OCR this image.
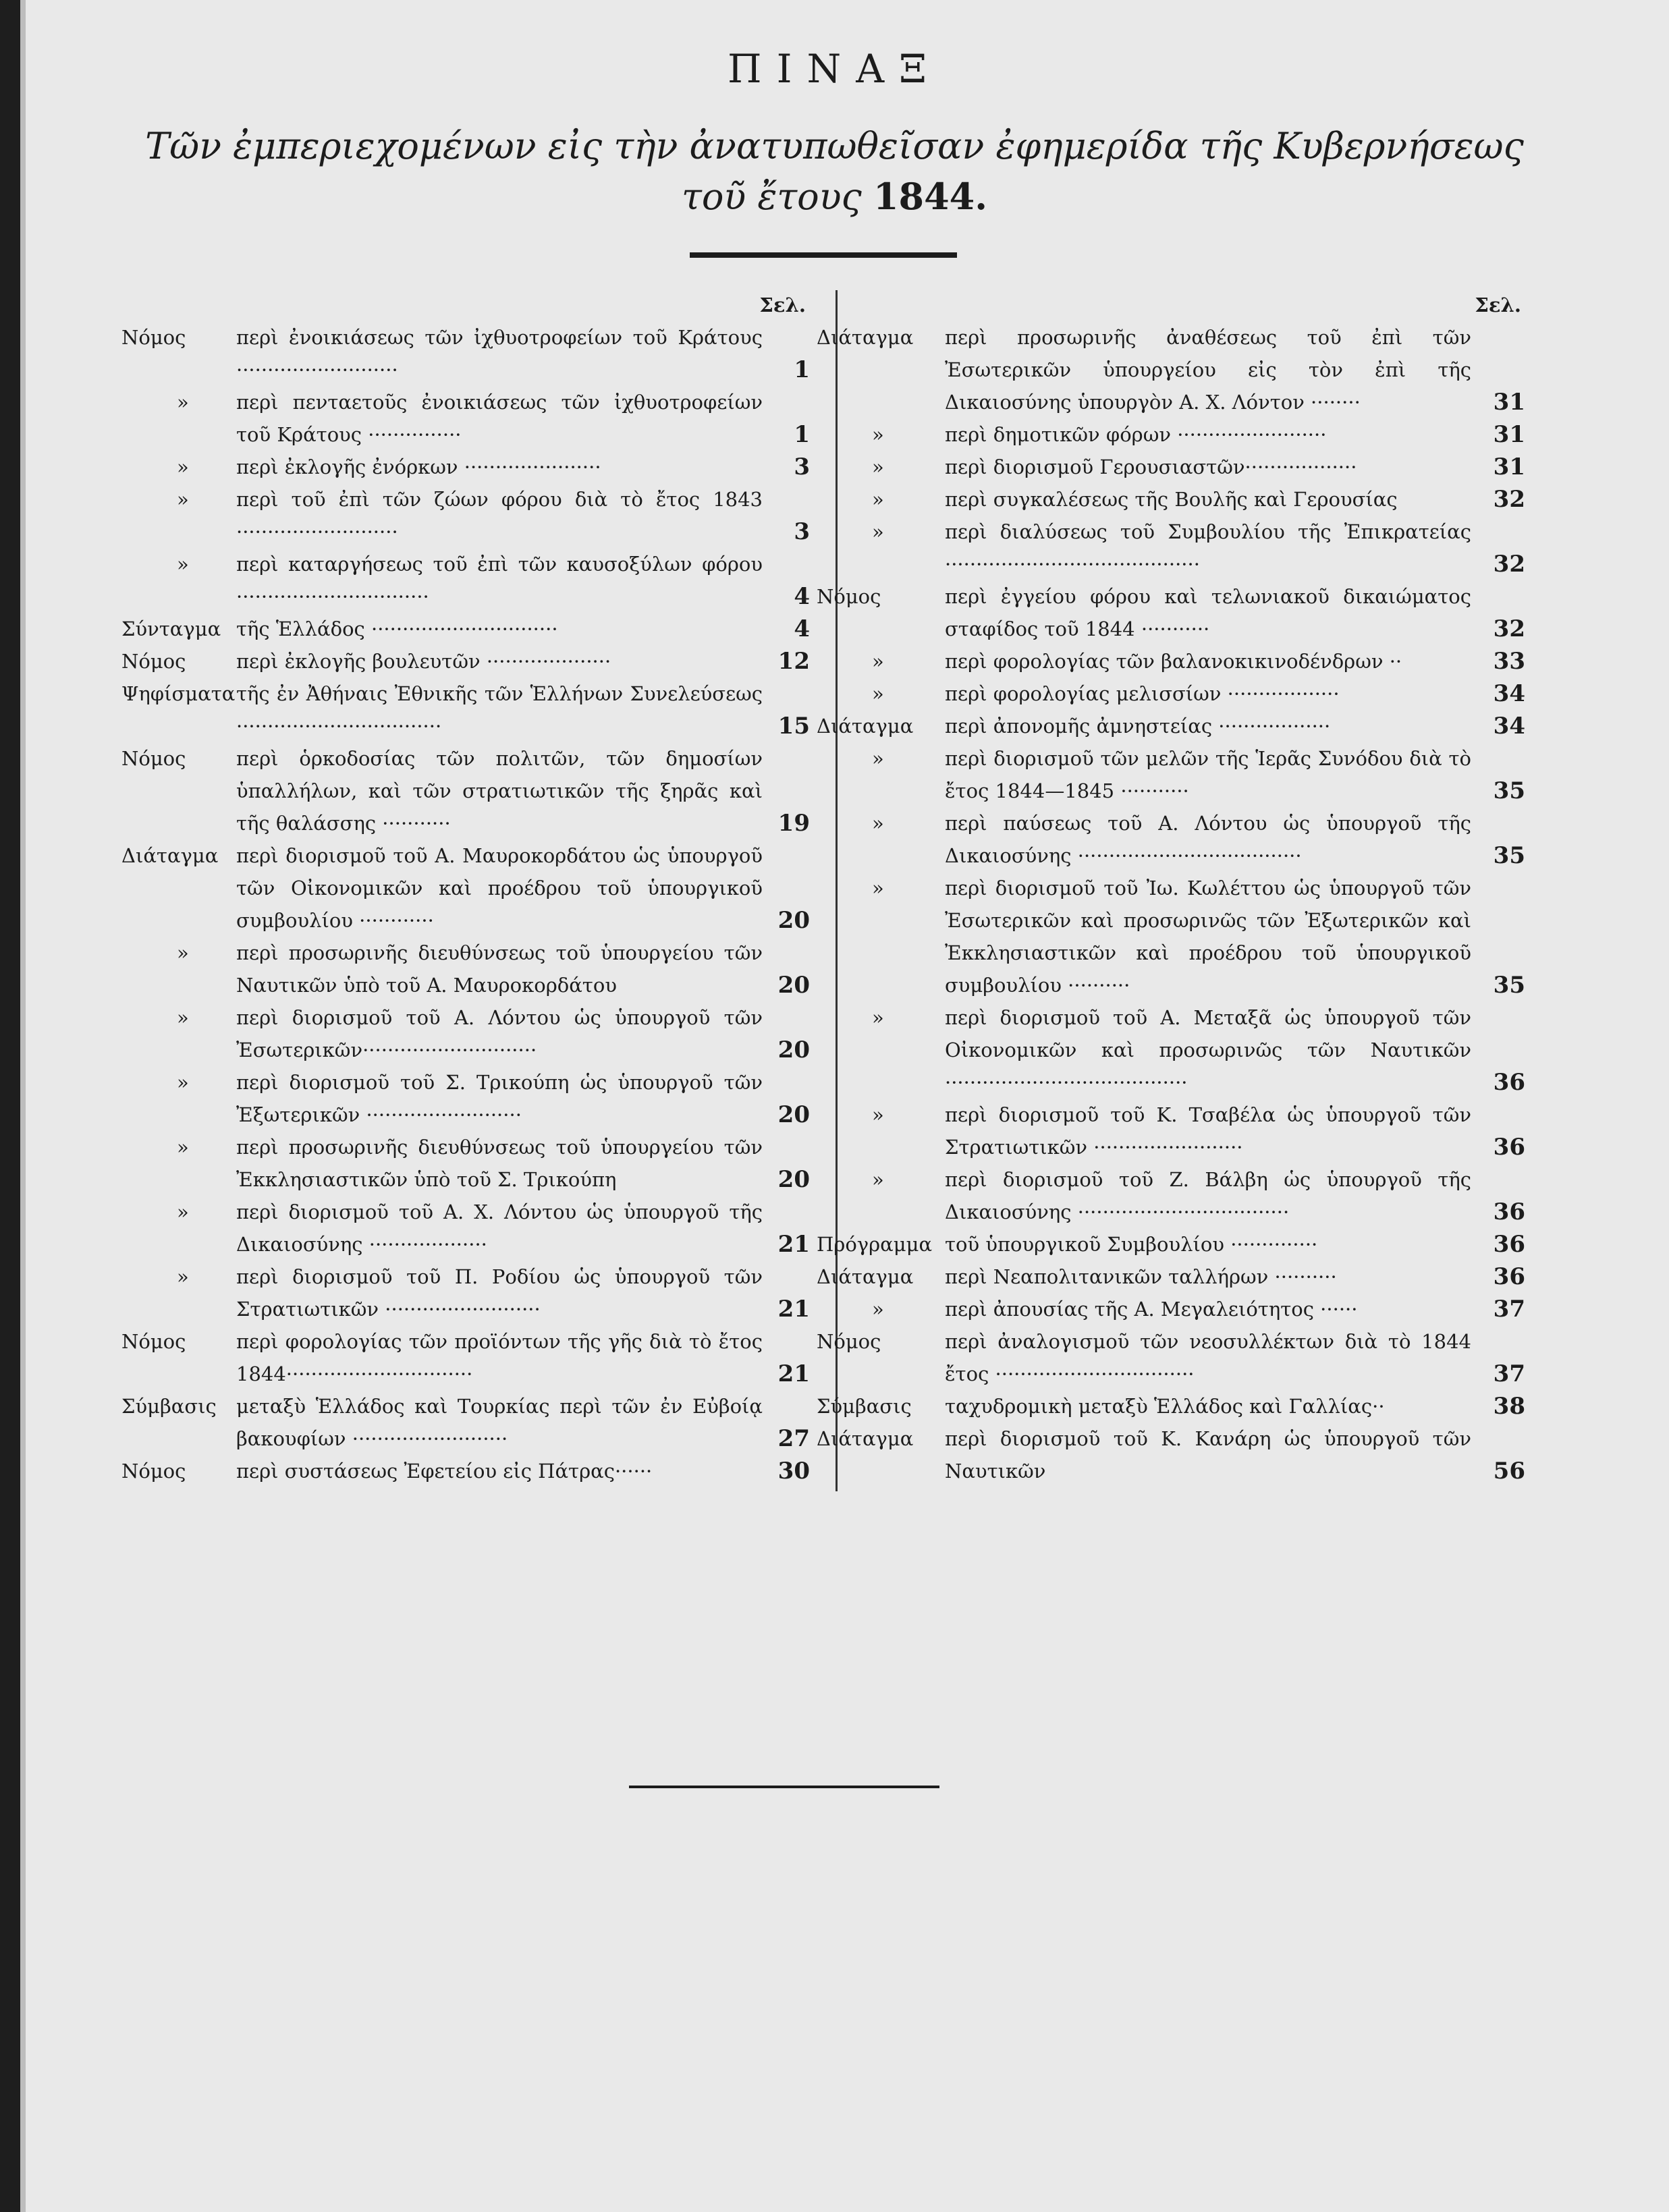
ΠΙΝΑΞ
Τῶν ἐμπεριεχομένων εἰς τὴν ἀνατυπωθεῖσαν ἐφημερίδα τῆς Κυβερνήσεως
τοῦ ἔτους 1844.
Σελ.
Νόμος	περὶ ἐνοικιάσεως τῶν ἰχθυοτροφείων τοῦ Κράτους ··························	1
»	περὶ πενταετοῦς ἐνοικιάσεως τῶν ἰχθυοτροφείων τοῦ Κράτους ···············	1
»	περὶ ἐκλογῆς ἐνόρκων ······················	3
»	περὶ τοῦ ἐπὶ τῶν ζώων φόρου διὰ τὸ ἔτος 1843 ··························	3
»	περὶ καταργήσεως τοῦ ἐπὶ τῶν καυσοξύλων φόρου ·······························	4
Σύνταγμα τῆς Ἑλλάδος ······························	4
Νόμος	περὶ ἐκλογῆς βουλευτῶν ····················	12
Ψηφίσματα τῆς ἐν Ἀθήναις Ἐθνικῆς τῶν Ἑλλήνων Συνελεύσεως ·································	15
Νόμος	περὶ ὁρκοδοσίας τῶν πολιτῶν, τῶν δημοσίων ὑπαλλήλων, καὶ τῶν στρατιωτικῶν τῆς ξηρᾶς καὶ τῆς θαλάσσης ···········	19
Διάταγμα περὶ διορισμοῦ τοῦ Α. Μαυροκορδάτου ὡς ὑπουργοῦ τῶν Οἰκονομικῶν καὶ προέδρου τοῦ ὑπουργικοῦ συμβουλίου ············	20
»	περὶ προσωρινῆς διευθύνσεως τοῦ ὑπουργείου τῶν Ναυτικῶν ὑπὸ τοῦ Α. Μαυροκορδάτου	20
»	περὶ διορισμοῦ τοῦ Α. Λόντου ὡς ὑπουργοῦ τῶν Ἐσωτερικῶν····························	20
»	περὶ διορισμοῦ τοῦ Σ. Τρικούπη ὡς ὑπουργοῦ τῶν Ἐξωτερικῶν ·························	20
»	περὶ προσωρινῆς διευθύνσεως τοῦ ὑπουργείου τῶν Ἐκκλησιαστικῶν ὑπὸ τοῦ Σ. Τρικούπη	20
»	περὶ διορισμοῦ τοῦ Α. Χ. Λόντου ὡς ὑπουργοῦ τῆς Δικαιοσύνης ···················	21
»	περὶ διορισμοῦ τοῦ Π. Ροδίου ὡς ὑπουργοῦ τῶν Στρατιωτικῶν ·························	21
Νόμος	περὶ φορολογίας τῶν προϊόντων τῆς γῆς διὰ τὸ ἔτος 1844······························	21
Σύμβασις	μεταξὺ Ἑλλάδος καὶ Τουρκίας περὶ τῶν ἐν Εὐβοίᾳ βακουφίων ·························	27
Νόμος	περὶ συστάσεως Ἐφετείου εἰς Πάτρας······	30
Σελ.
Διάταγμα	περὶ προσωρινῆς ἀναθέσεως τοῦ ἐπὶ τῶν Ἐσωτερικῶν ὑπουργείου εἰς τὸν ἐπὶ τῆς Δικαιοσύνης ὑπουργὸν Α. Χ. Λόντον ········	31
»	περὶ δημοτικῶν φόρων ························	31
»	περὶ διορισμοῦ Γερουσιαστῶν··················	31
»	περὶ συγκαλέσεως τῆς Βουλῆς καὶ Γερουσίας	32
»	περὶ διαλύσεως τοῦ Συμβουλίου τῆς Ἐπικρατείας ·········································	32
Νόμος	περὶ ἐγγείου φόρου καὶ τελωνιακοῦ δικαιώματος σταφίδος τοῦ 1844 ···········	32
»	περὶ φορολογίας τῶν βαλανοκικινοδένδρων ··	33
»	περὶ φορολογίας μελισσίων ··················	34
Διάταγμα	περὶ ἀπονομῆς ἀμνηστείας ··················	34
»	περὶ διορισμοῦ τῶν μελῶν τῆς Ἱερᾶς Συνόδου διὰ τὸ ἔτος 1844—1845 ···········	35
»	περὶ παύσεως τοῦ Α. Λόντου ὡς ὑπουργοῦ τῆς Δικαιοσύνης ····································	35
»	περὶ διορισμοῦ τοῦ Ἰω. Κωλέττου ὡς ὑπουργοῦ τῶν Ἐσωτερικῶν καὶ προσωρινῶς τῶν Ἐξωτερικῶν καὶ Ἐκκλησιαστικῶν καὶ προέδρου τοῦ ὑπουργικοῦ συμβουλίου ··········	35
»	περὶ διορισμοῦ τοῦ Α. Μεταξᾶ ὡς ὑπουργοῦ τῶν Οἰκονομικῶν καὶ προσωρινῶς τῶν Ναυτικῶν ·······································	36
»	περὶ διορισμοῦ τοῦ Κ. Τσαβέλα ὡς ὑπουργοῦ τῶν Στρατιωτικῶν ························	36
»	περὶ διορισμοῦ τοῦ Ζ. Βάλβη ὡς ὑπουργοῦ τῆς Δικαιοσύνης ··································	36
Πρόγραμμα τοῦ ὑπουργικοῦ Συμβουλίου ··············	36
Διάταγμα	περὶ Νεαπολιτανικῶν ταλλήρων ··········	36
»	περὶ ἀπουσίας τῆς Α. Μεγαλειότητος ······	37
Νόμος	περὶ ἀναλογισμοῦ τῶν νεοσυλλέκτων διὰ τὸ 1844 ἔτος ································	37
Σύμβασις	ταχυδρομικὴ μεταξὺ Ἑλλάδος καὶ Γαλλίας··	38
Διάταγμα	περὶ διορισμοῦ τοῦ Κ. Κανάρη ὡς ὑπουργοῦ τῶν Ναυτικῶν	56
